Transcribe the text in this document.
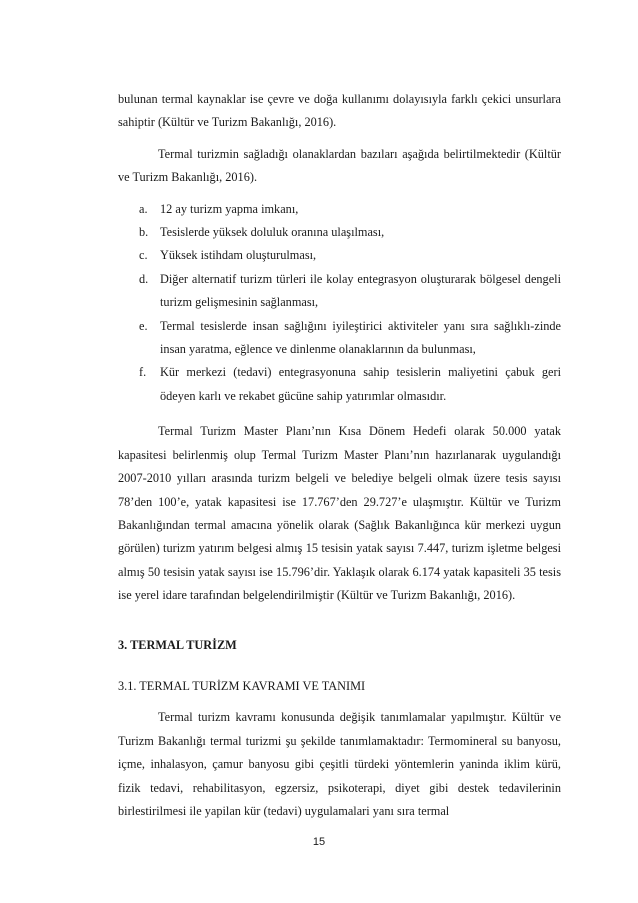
bulunan termal kaynaklar ise çevre ve doğa kullanımı dolayısıyla farklı çekici unsurlara sahiptir (Kültür ve Turizm Bakanlığı, 2016).

Termal turizmin sağladığı olanaklardan bazıları aşağıda belirtilmektedir (Kültür ve Turizm Bakanlığı, 2016).

a. 12 ay turizm yapma imkanı,
b. Tesislerde yüksek doluluk oranına ulaşılması,
c. Yüksek istihdam oluşturulması,
d. Diğer alternatif turizm türleri ile kolay entegrasyon oluşturarak bölgesel dengeli turizm gelişmesinin sağlanması,
e. Termal tesislerde insan sağlığını iyileştirici aktiviteler yanı sıra sağlıklı-zinde insan yaratma, eğlence ve dinlenme olanaklarının da bulunması,
f. Kür merkezi (tedavi) entegrasyonuna sahip tesislerin maliyetini çabuk geri ödeyen karlı ve rekabet gücüne sahip yatırımlar olmasıdır.

Termal Turizm Master Planı’nın Kısa Dönem Hedefi olarak 50.000 yatak kapasitesi belirlenmiş olup Termal Turizm Master Planı’nın hazırlanarak uygulandığı 2007-2010 yılları arasında turizm belgeli ve belediye belgeli olmak üzere tesis sayısı 78’den 100’e, yatak kapasitesi ise 17.767’den 29.727’e ulaşmıştır. Kültür ve Turizm Bakanlığından termal amacına yönelik olarak (Sağlık Bakanlığınca kür merkezi uygun görülen) turizm yatırım belgesi almış 15 tesisin yatak sayısı 7.447, turizm işletme belgesi almış 50 tesisin yatak sayısı ise 15.796’dir. Yaklaşık olarak 6.174 yatak kapasiteli 35 tesis ise yerel idare tarafından belgelendirilmiştir (Kültür ve Turizm Bakanlığı, 2016).

3. TERMAL TURİZM
3.1. TERMAL TURİZM KAVRAMI VE TANIMI

Termal turizm kavramı konusunda değişik tanımlamalar yapılmıştır. Kültür ve Turizm Bakanlığı termal turizmi şu şekilde tanımlamaktadır: Termomineral su banyosu, içme, inhalasyon, çamur banyosu gibi çeşitli türdeki yöntemlerin yaninda iklim kürü, fizik tedavi, rehabilitasyon, egzersiz, psikoterapi, diyet gibi destek tedavilerinin birlestirilmesi ile yapilan kür (tedavi) uygulamalari yanı sıra termal

15
